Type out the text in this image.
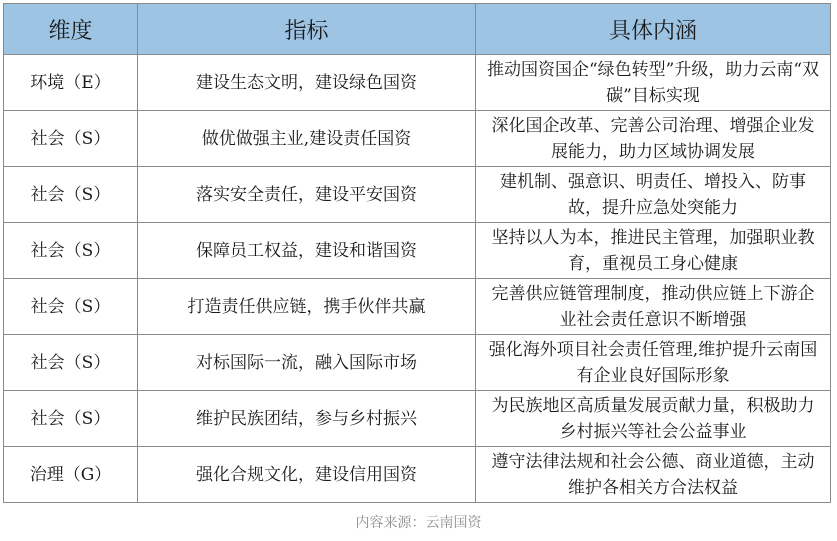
维度	指标	具体内涵
环境（E）	建设生态文明，建设绿色国资	推动国资国企“绿色转型”升级，助力云南“双碳”目标实现
社会（S）	做优做强主业,建设责任国资	深化国企改革、完善公司治理、增强企业发展能力，助力区域协调发展
社会（S）	落实安全责任，建设平安国资	建机制、强意识、明责任、增投入、防事故，提升应急处突能力
社会（S）	保障员工权益，建设和谐国资	坚持以人为本，推进民主管理，加强职业教育，重视员工身心健康
社会（S）	打造责任供应链，携手伙伴共赢	完善供应链管理制度，推动供应链上下游企业社会责任意识不断增强
社会（S）	对标国际一流，融入国际市场	强化海外项目社会责任管理,维护提升云南国有企业良好国际形象
社会（S）	维护民族团结，参与乡村振兴	为民族地区高质量发展贡献力量，积极助力乡村振兴等社会公益事业
治理（G）	强化合规文化，建设信用国资	遵守法律法规和社会公德、商业道德，主动维护各相关方合法权益
内容来源：云南国资
